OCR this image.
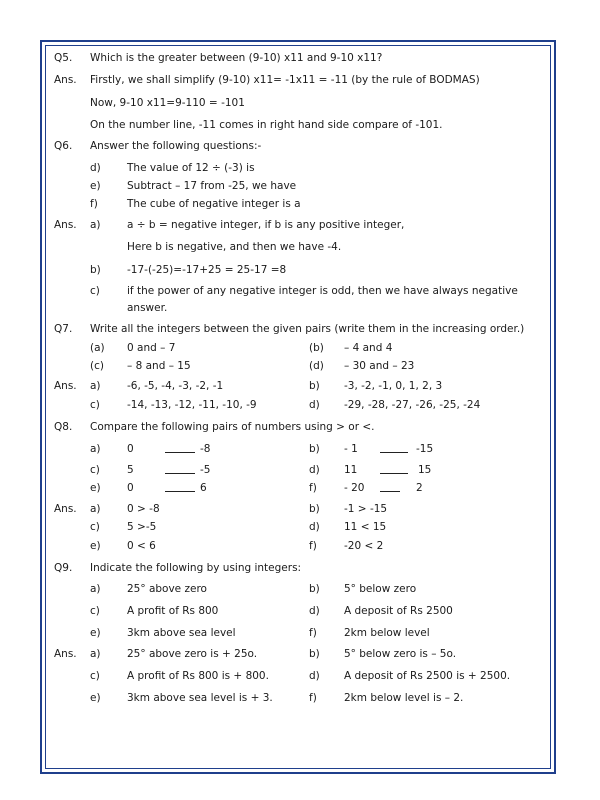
Q5. Which is the greater between (9-10) x11 and 9-10 x11?
Ans. Firstly, we shall simplify (9-10) x11= -1x11 = -11 (by the rule of BODMAS)
Now, 9-10 x11=9-110 = -101
On the number line, -11 comes in right hand side compare of -101.
Q6. Answer the following questions:-
d) The value of 12 ÷ (-3) is
e)	Subtract – 17 from -25, we have
f)	The cube of negative integer is a
Ans. a)	a ÷ b = negative integer, if b is any positive integer,
Here b is negative, and then we have -4.
b) -17-(-25)=-17+25 = 25-17 =8
c)	if the power of any negative integer is odd, then we have always negative
answer.
Q7. Write all the integers between the given pairs (write them in the increasing order.)
(a) 0 and – 7	(b) – 4 and 4
(c) – 8 and – 15	(d) – 30 and – 23
Ans. a)	-6, -5, -4, -3, -2, -1	b) -3, -2, -1, 0, 1, 2, 3
c)	-14, -13, -12, -11, -10, -9	d) -29, -28, -27, -26, -25, -24
Q8. Compare the following pairs of numbers using > or <.
a)	0	-8	b) - 1	-15
c)	5	-5	d) 11	15
e)	0	6	f)	- 20	2
Ans. a)	0 > -8	b) -1 > -15
c)	5 >-5	d) 11 < 15
e)	0 < 6	f)	-20 < 2
Q9. Indicate the following by using integers:
a)	25° above zero	b) 5° below zero
c)	A profit of Rs 800	d) A deposit of Rs 2500
e)	3km above sea level	f)	2km below level
Ans. a)	25° above zero is + 25o.	b) 5° below zero is – 5o.
c)	A profit of Rs 800 is + 800.	d) A deposit of Rs 2500 is + 2500.
e)	3km above sea level is + 3.	f)	2km below level is – 2.
